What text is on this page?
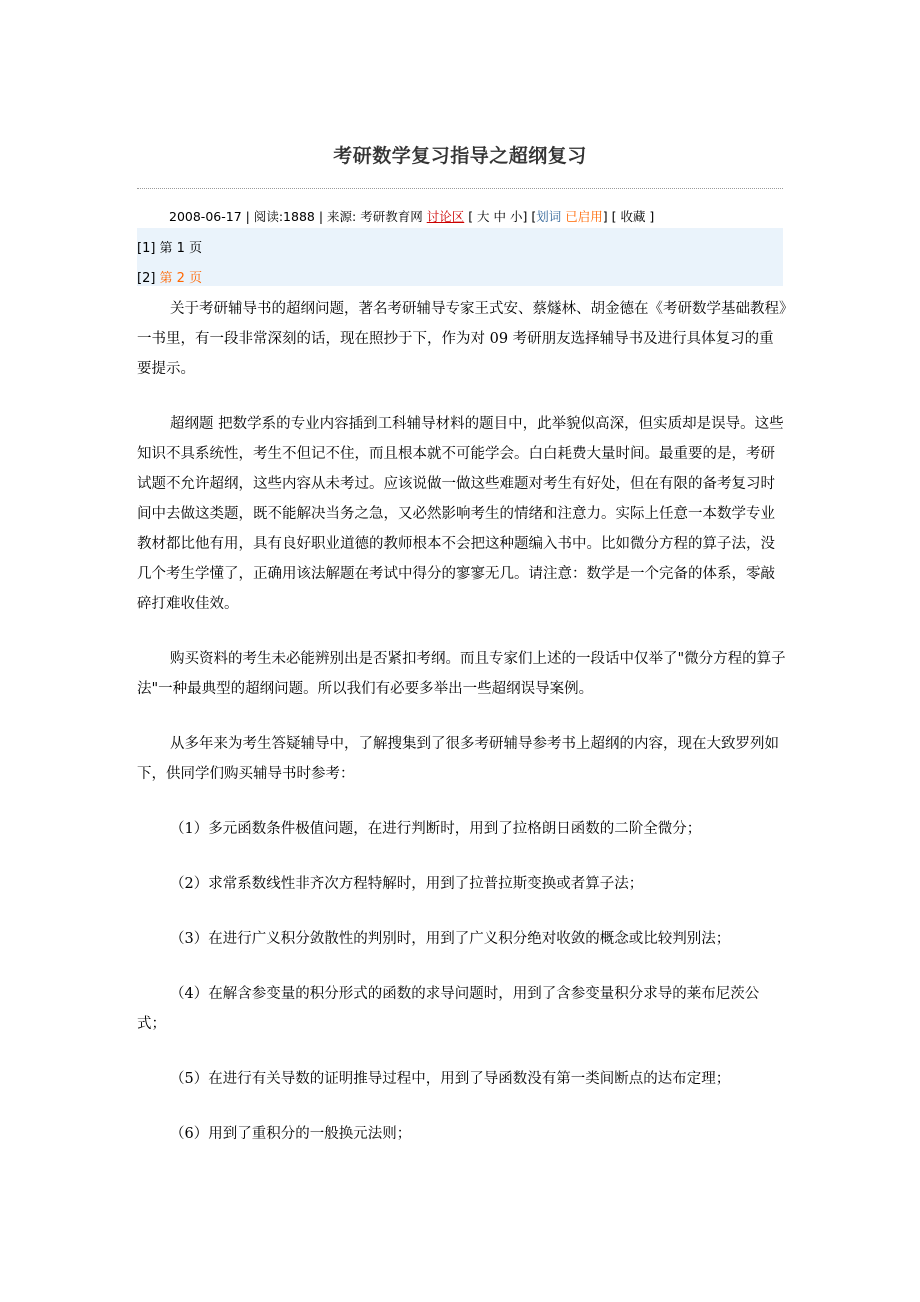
考研数学复习指导之超纲复习
2008-06-17 | 阅读:1888 | 来源: 考研教育网 讨论区 [ 大 中 小] [划词 已启用] [ 收藏 ]
[1] 第 1 页
[2] 第 2 页

关于考研辅导书的超纲问题，著名考研辅导专家王式安、蔡燧林、胡金德在《考研数学基础教程》一书里，有一段非常深刻的话，现在照抄于下，作为对 09 考研朋友选择辅导书及进行具体复习的重要提示。

超纲题 把数学系的专业内容插到工科辅导材料的题目中，此举貌似高深，但实质却是误导。这些知识不具系统性，考生不但记不住，而且根本就不可能学会。白白耗费大量时间。最重要的是，考研试题不允许超纲，这些内容从未考过。应该说做一做这些难题对考生有好处，但在有限的备考复习时间中去做这类题，既不能解决当务之急，又必然影响考生的情绪和注意力。实际上任意一本数学专业教材都比他有用，具有良好职业道德的教师根本不会把这种题编入书中。比如微分方程的算子法，没几个考生学懂了，正确用该法解题在考试中得分的寥寥无几。请注意：数学是一个完备的体系，零敲碎打难收佳效。

购买资料的考生未必能辨别出是否紧扣考纲。而且专家们上述的一段话中仅举了"微分方程的算子法"一种最典型的超纲问题。所以我们有必要多举出一些超纲误导案例。

从多年来为考生答疑辅导中，了解搜集到了很多考研辅导参考书上超纲的内容，现在大致罗列如下，供同学们购买辅导书时参考：

（1）多元函数条件极值问题，在进行判断时，用到了拉格朗日函数的二阶全微分；

（2）求常系数线性非齐次方程特解时，用到了拉普拉斯变换或者算子法；

（3）在进行广义积分敛散性的判别时，用到了广义积分绝对收敛的概念或比较判别法；

（4）在解含参变量的积分形式的函数的求导问题时，用到了含参变量积分求导的莱布尼茨公式；

（5）在进行有关导数的证明推导过程中，用到了导函数没有第一类间断点的达布定理；

（6）用到了重积分的一般换元法则；
